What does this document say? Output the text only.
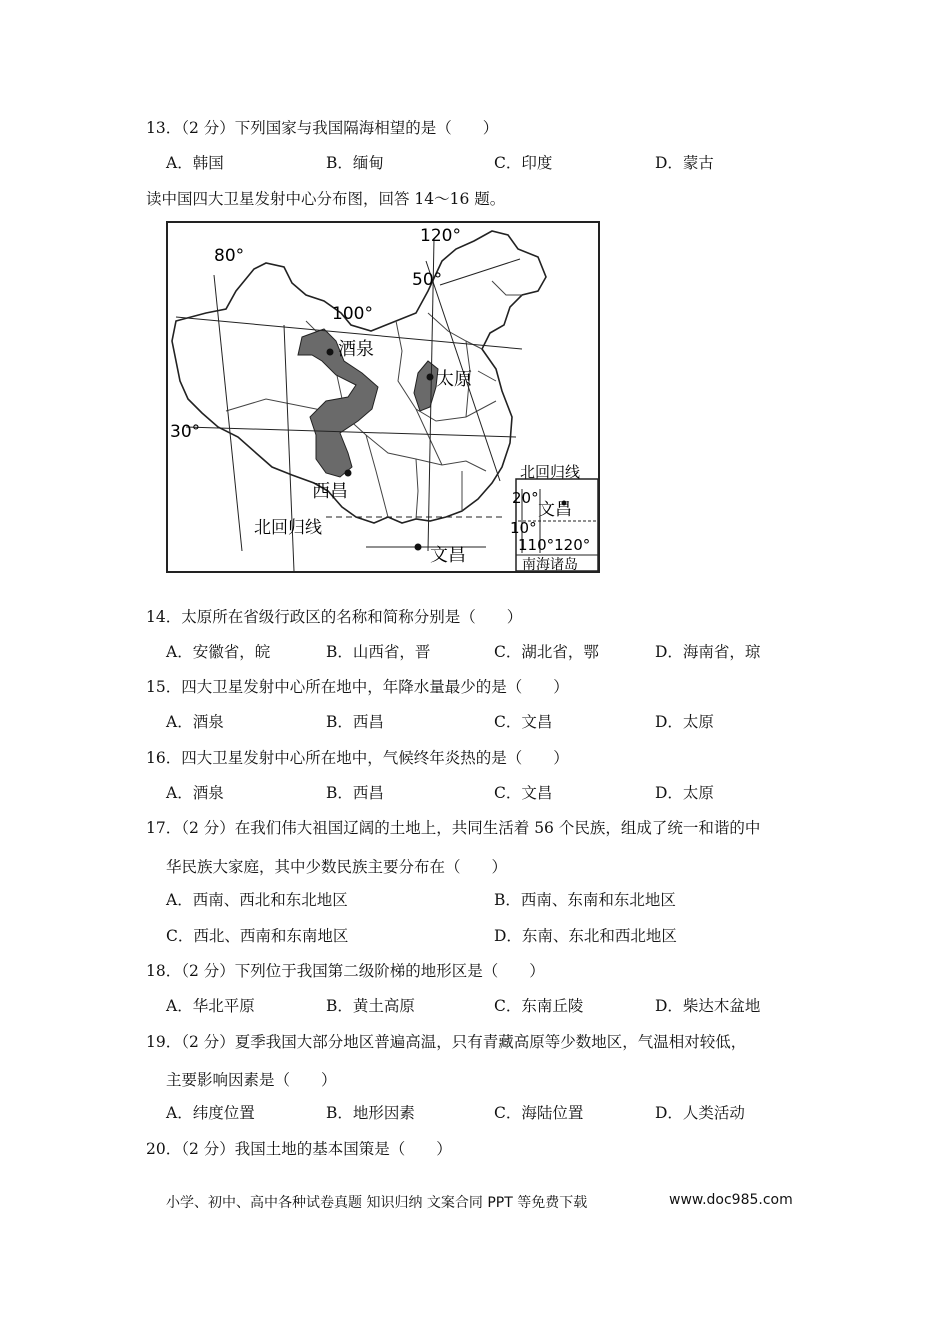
13．（2 分）下列国家与我国隔海相望的是（　　）
A．韩国	B．缅甸	C．印度	D．蒙古
读中国四大卫星发射中心分布图，回答 14～16 题。
80°
100°
120°
50°
30°
酒泉
太原
西昌
北回归线
文昌
北回归线
20°
文昌
10°
110°120°
南海诸岛
14．太原所在省级行政区的名称和简称分别是（　　）
A．安徽省，皖	B．山西省，晋	C．湖北省，鄂	D．海南省，琼
15．四大卫星发射中心所在地中，年降水量最少的是（　　）
A．酒泉	B．西昌	C．文昌	D．太原
16．四大卫星发射中心所在地中，气候终年炎热的是（　　）
A．酒泉	B．西昌	C．文昌	D．太原
17．（2 分）在我们伟大祖国辽阔的土地上，共同生活着 56 个民族，组成了统一和谐的中
华民族大家庭，其中少数民族主要分布在（　　）
A．西南、西北和东北地区	B．西南、东南和东北地区
C．西北、西南和东南地区	D．东南、东北和西北地区
18．（2 分）下列位于我国第二级阶梯的地形区是（　　）
A．华北平原	B．黄土高原	C．东南丘陵	D．柴达木盆地
19．（2 分）夏季我国大部分地区普遍高温，只有青藏高原等少数地区，气温相对较低，
主要影响因素是（　　）
A．纬度位置	B．地形因素	C．海陆位置	D．人类活动
20．（2 分）我国土地的基本国策是（　　）
小学、初中、高中各种试卷真题 知识归纳 文案合同 PPT 等免费下载	www.doc985.com
